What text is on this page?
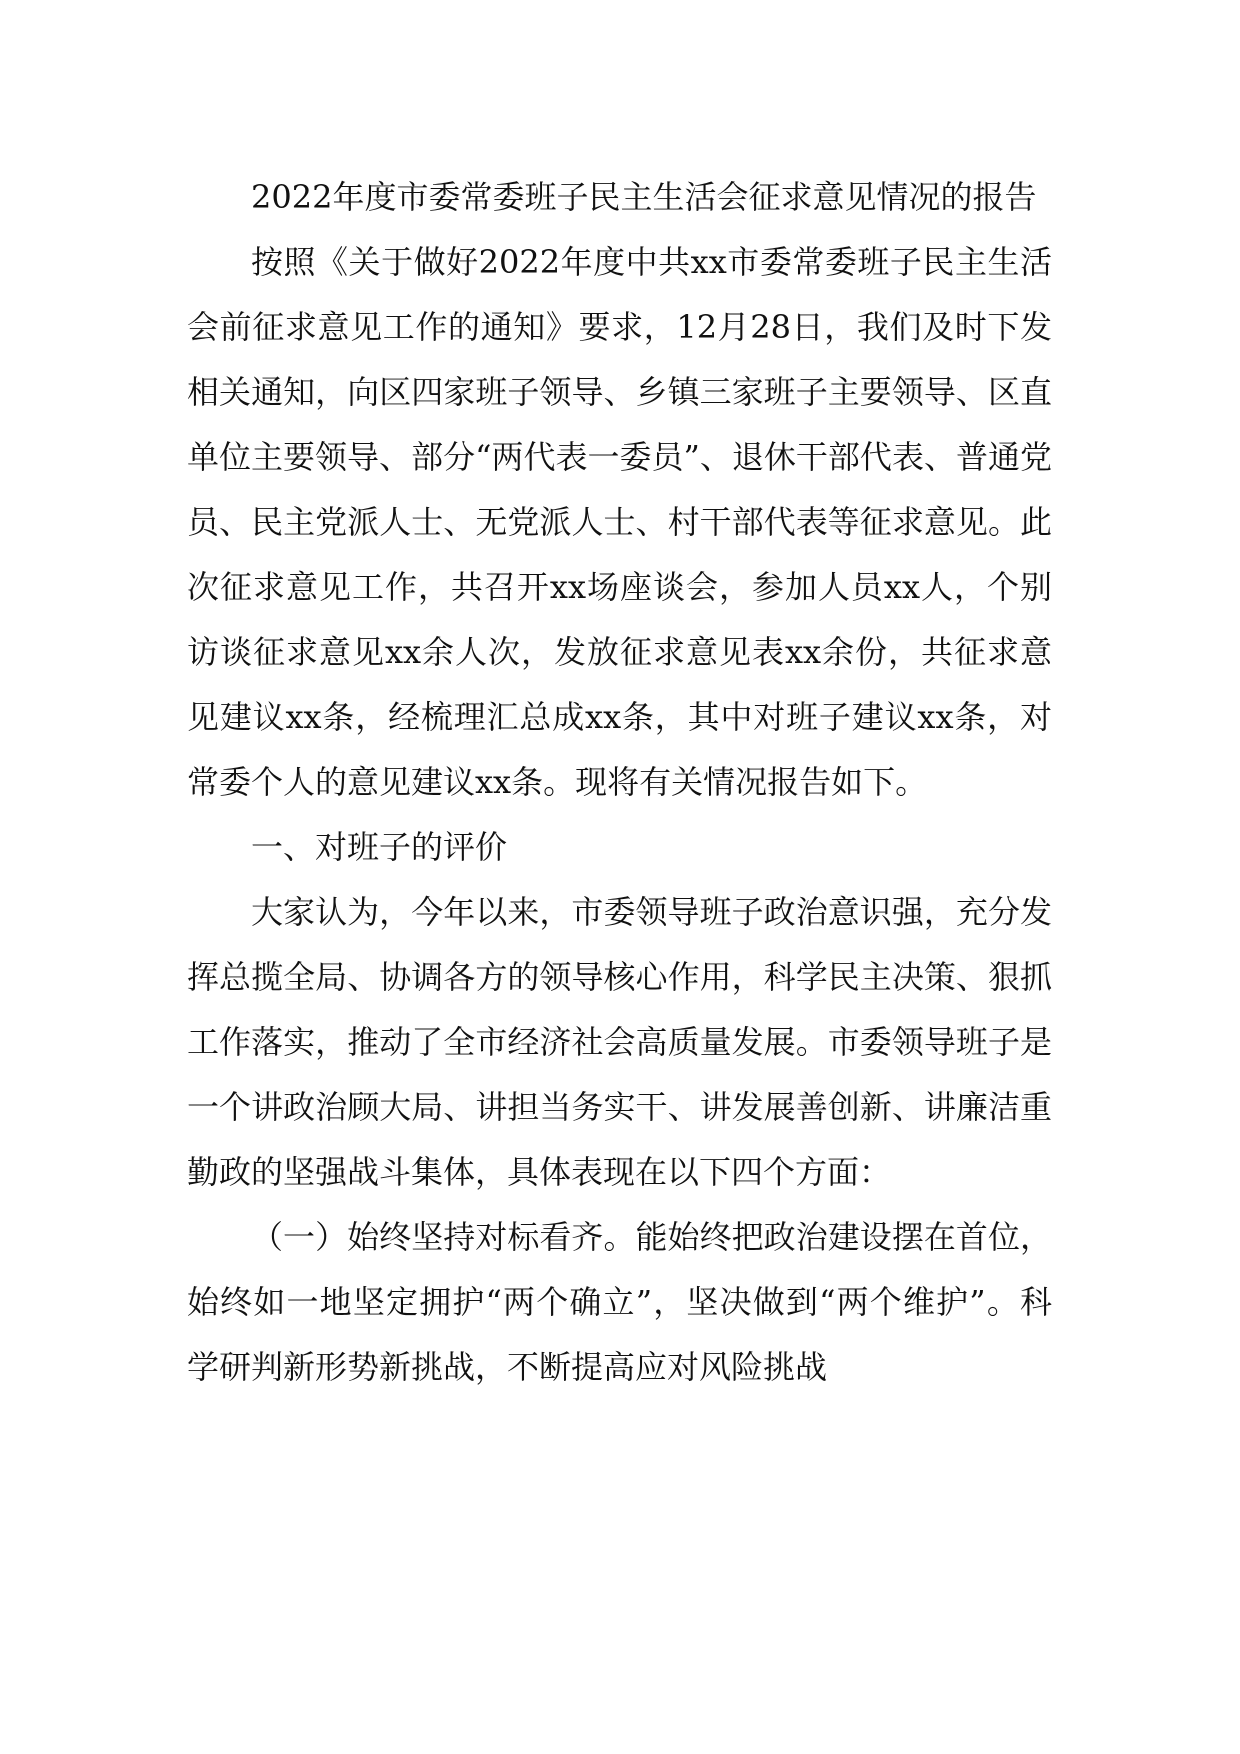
2022年度市委常委班子民主生活会征求意见情况的报告

按照《关于做好2022年度中共xx市委常委班子民主生活会前征求意见工作的通知》要求，12月28日，我们及时下发相关通知，向区四家班子领导、乡镇三家班子主要领导、区直单位主要领导、部分“两代表一委员”、退休干部代表、普通党员、民主党派人士、无党派人士、村干部代表等征求意见。此次征求意见工作，共召开xx场座谈会，参加人员xx人，个别访谈征求意见xx余人次，发放征求意见表xx余份，共征求意见建议xx条，经梳理汇总成xx条，其中对班子建议xx条，对常委个人的意见建议xx条。现将有关情况报告如下。

一、对班子的评价

大家认为，今年以来，市委领导班子政治意识强，充分发挥总揽全局、协调各方的领导核心作用，科学民主决策、狠抓工作落实，推动了全市经济社会高质量发展。市委领导班子是一个讲政治顾大局、讲担当务实干、讲发展善创新、讲廉洁重勤政的坚强战斗集体，具体表现在以下四个方面：

（一）始终坚持对标看齐。能始终把政治建设摆在首位，始终如一地坚定拥护“两个确立”，坚决做到“两个维护”。科学研判新形势新挑战，不断提高应对风险挑战
